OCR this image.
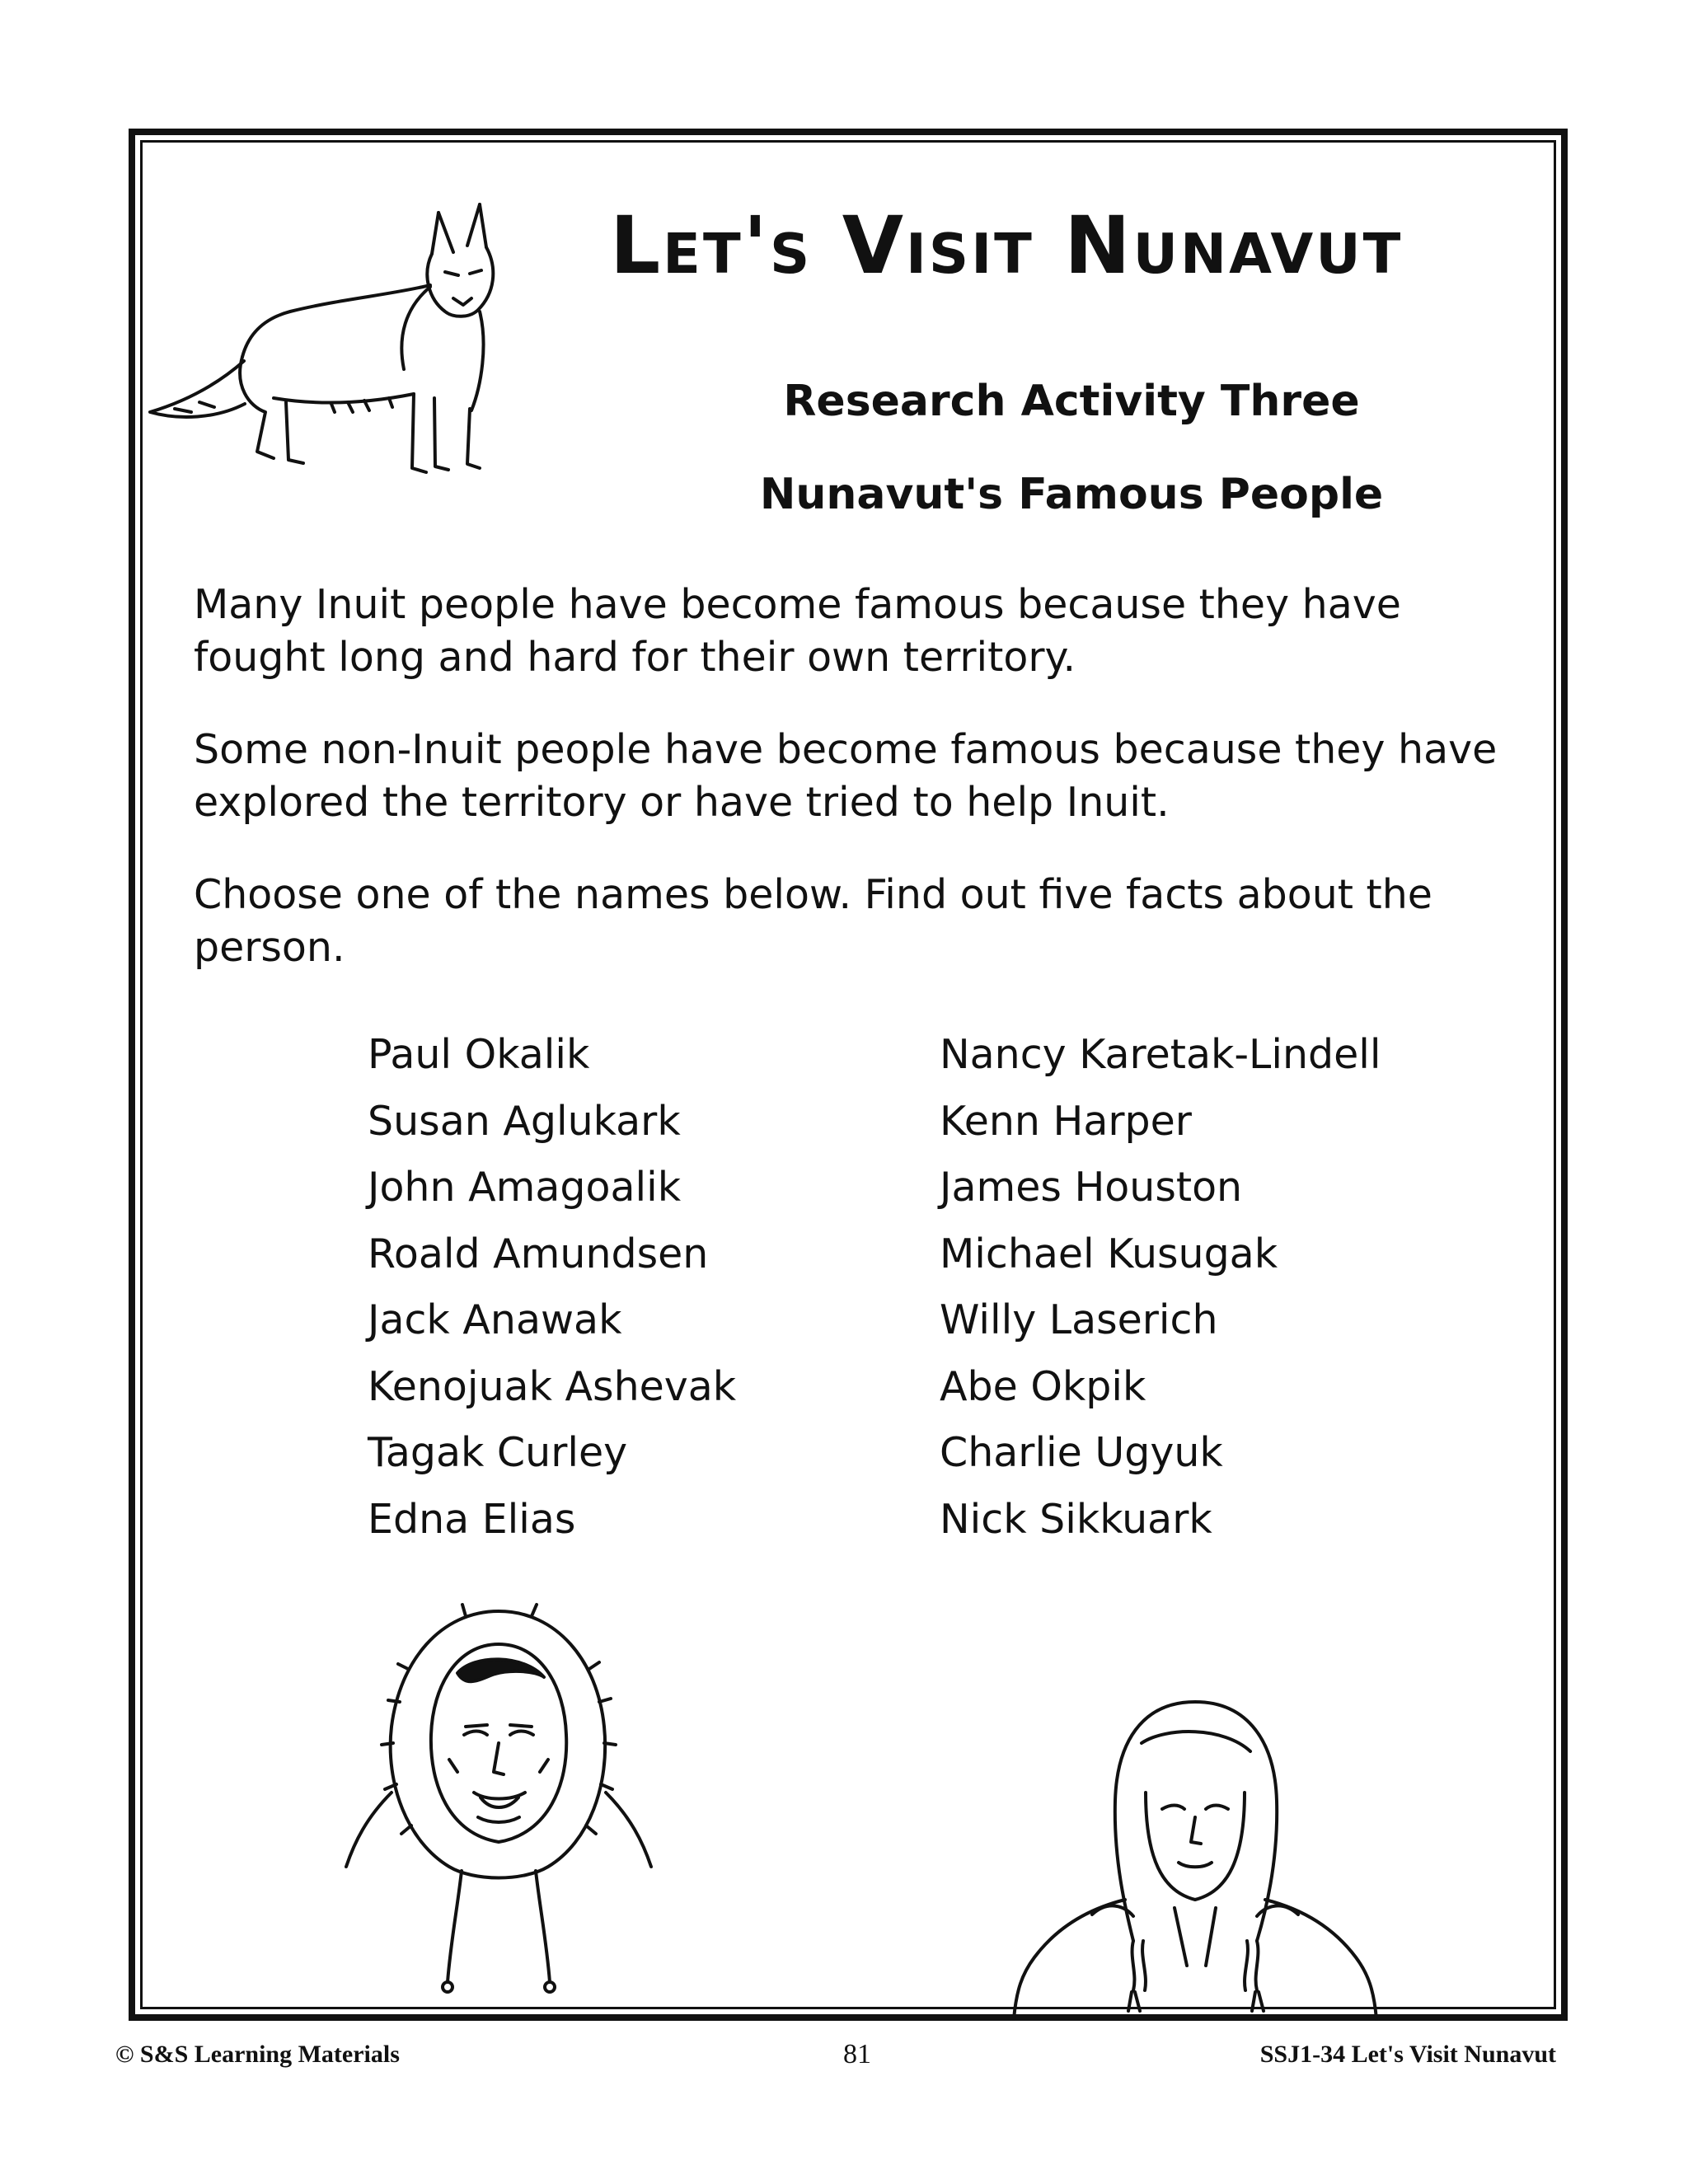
Let's Visit Nunavut
Research Activity Three
Nunavut's Famous People
Many Inuit people have become famous because they have fought long and hard for their own territory.
Some non-Inuit people have become famous because they have explored the territory or have tried to help Inuit.
Choose one of the names below. Find out five facts about the person.
Paul Okalik
Susan Aglukark
John Amagoalik
Roald Amundsen
Jack Anawak
Kenojuak Ashevak
Tagak Curley
Edna Elias
Nancy Karetak-Lindell
Kenn Harper
James Houston
Michael Kusugak
Willy Laserich
Abe Okpik
Charlie Ugyuk
Nick Sikkuark
© S&S Learning Materials	81	SSJ1-34 Let's Visit Nunavut
